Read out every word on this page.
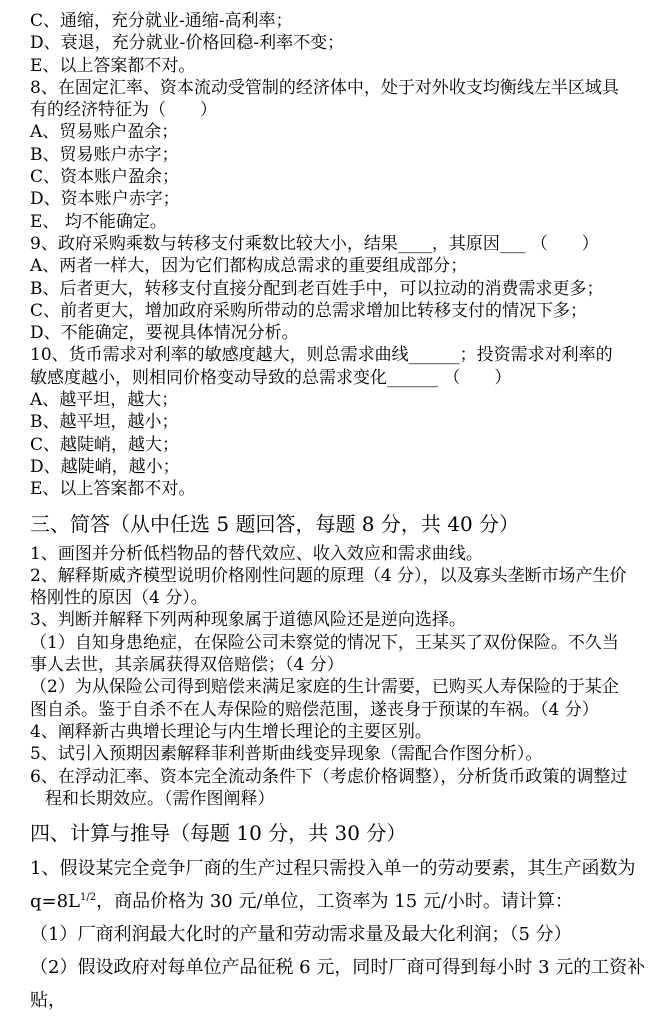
C、通缩，充分就业-通缩-高利率；
D、衰退，充分就业-价格回稳-利率不变；
E、以上答案都不对。
8、在固定汇率、资本流动受管制的经济体中，处于对外收支均衡线左半区域具
有的经济特征为（　　）
A、贸易账户盈余；
B、贸易账户赤字；
C、资本账户盈余；
D、资本账户赤字；
E、 均不能确定。
9、政府采购乘数与转移支付乘数比较大小，结果____，其原因___ （　　）
A、两者一样大，因为它们都构成总需求的重要组成部分；
B、后者更大，转移支付直接分配到老百姓手中，可以拉动的消费需求更多；
C、前者更大，增加政府采购所带动的总需求增加比转移支付的情况下多；
D、不能确定，要视具体情况分析。
10、货币需求对利率的敏感度越大，则总需求曲线______；投资需求对利率的
敏感度越小，则相同价格变动导致的总需求变化______ （　　）
A、越平坦，越大；
B、越平坦，越小；
C、越陡峭，越大；
D、越陡峭，越小；
E、以上答案都不对。
三、简答（从中任选 5 题回答，每题 8 分，共 40 分）
1、画图并分析低档物品的替代效应、收入效应和需求曲线。
2、解释斯威齐模型说明价格刚性问题的原理（4 分），以及寡头垄断市场产生价
格刚性的原因（4 分）。
3、判断并解释下列两种现象属于道德风险还是逆向选择。
（1）自知身患绝症，在保险公司未察觉的情况下，王某买了双份保险。不久当
事人去世，其亲属获得双倍赔偿；（4 分）
（2）为从保险公司得到赔偿来满足家庭的生计需要，已购买人寿保险的于某企
图自杀。鉴于自杀不在人寿保险的赔偿范围，遂丧身于预谋的车祸。（4 分）
4、阐释新古典增长理论与内生增长理论的主要区别。
5、试引入预期因素解释菲利普斯曲线变异现象（需配合作图分析）。
6、在浮动汇率、资本完全流动条件下（考虑价格调整），分析货币政策的调整过
程和长期效应。（需作图阐释）
四、计算与推导（每题 10 分，共 30 分）
1、假设某完全竞争厂商的生产过程只需投入单一的劳动要素，其生产函数为
$q=8L^{1/2}$，商品价格为 30 元/单位，工资率为 15 元/小时。请计算：
（1）厂商利润最大化时的产量和劳动需求量及最大化利润；（5 分）
（2）假设政府对每单位产品征税 6 元，同时厂商可得到每小时 3 元的工资补贴，
